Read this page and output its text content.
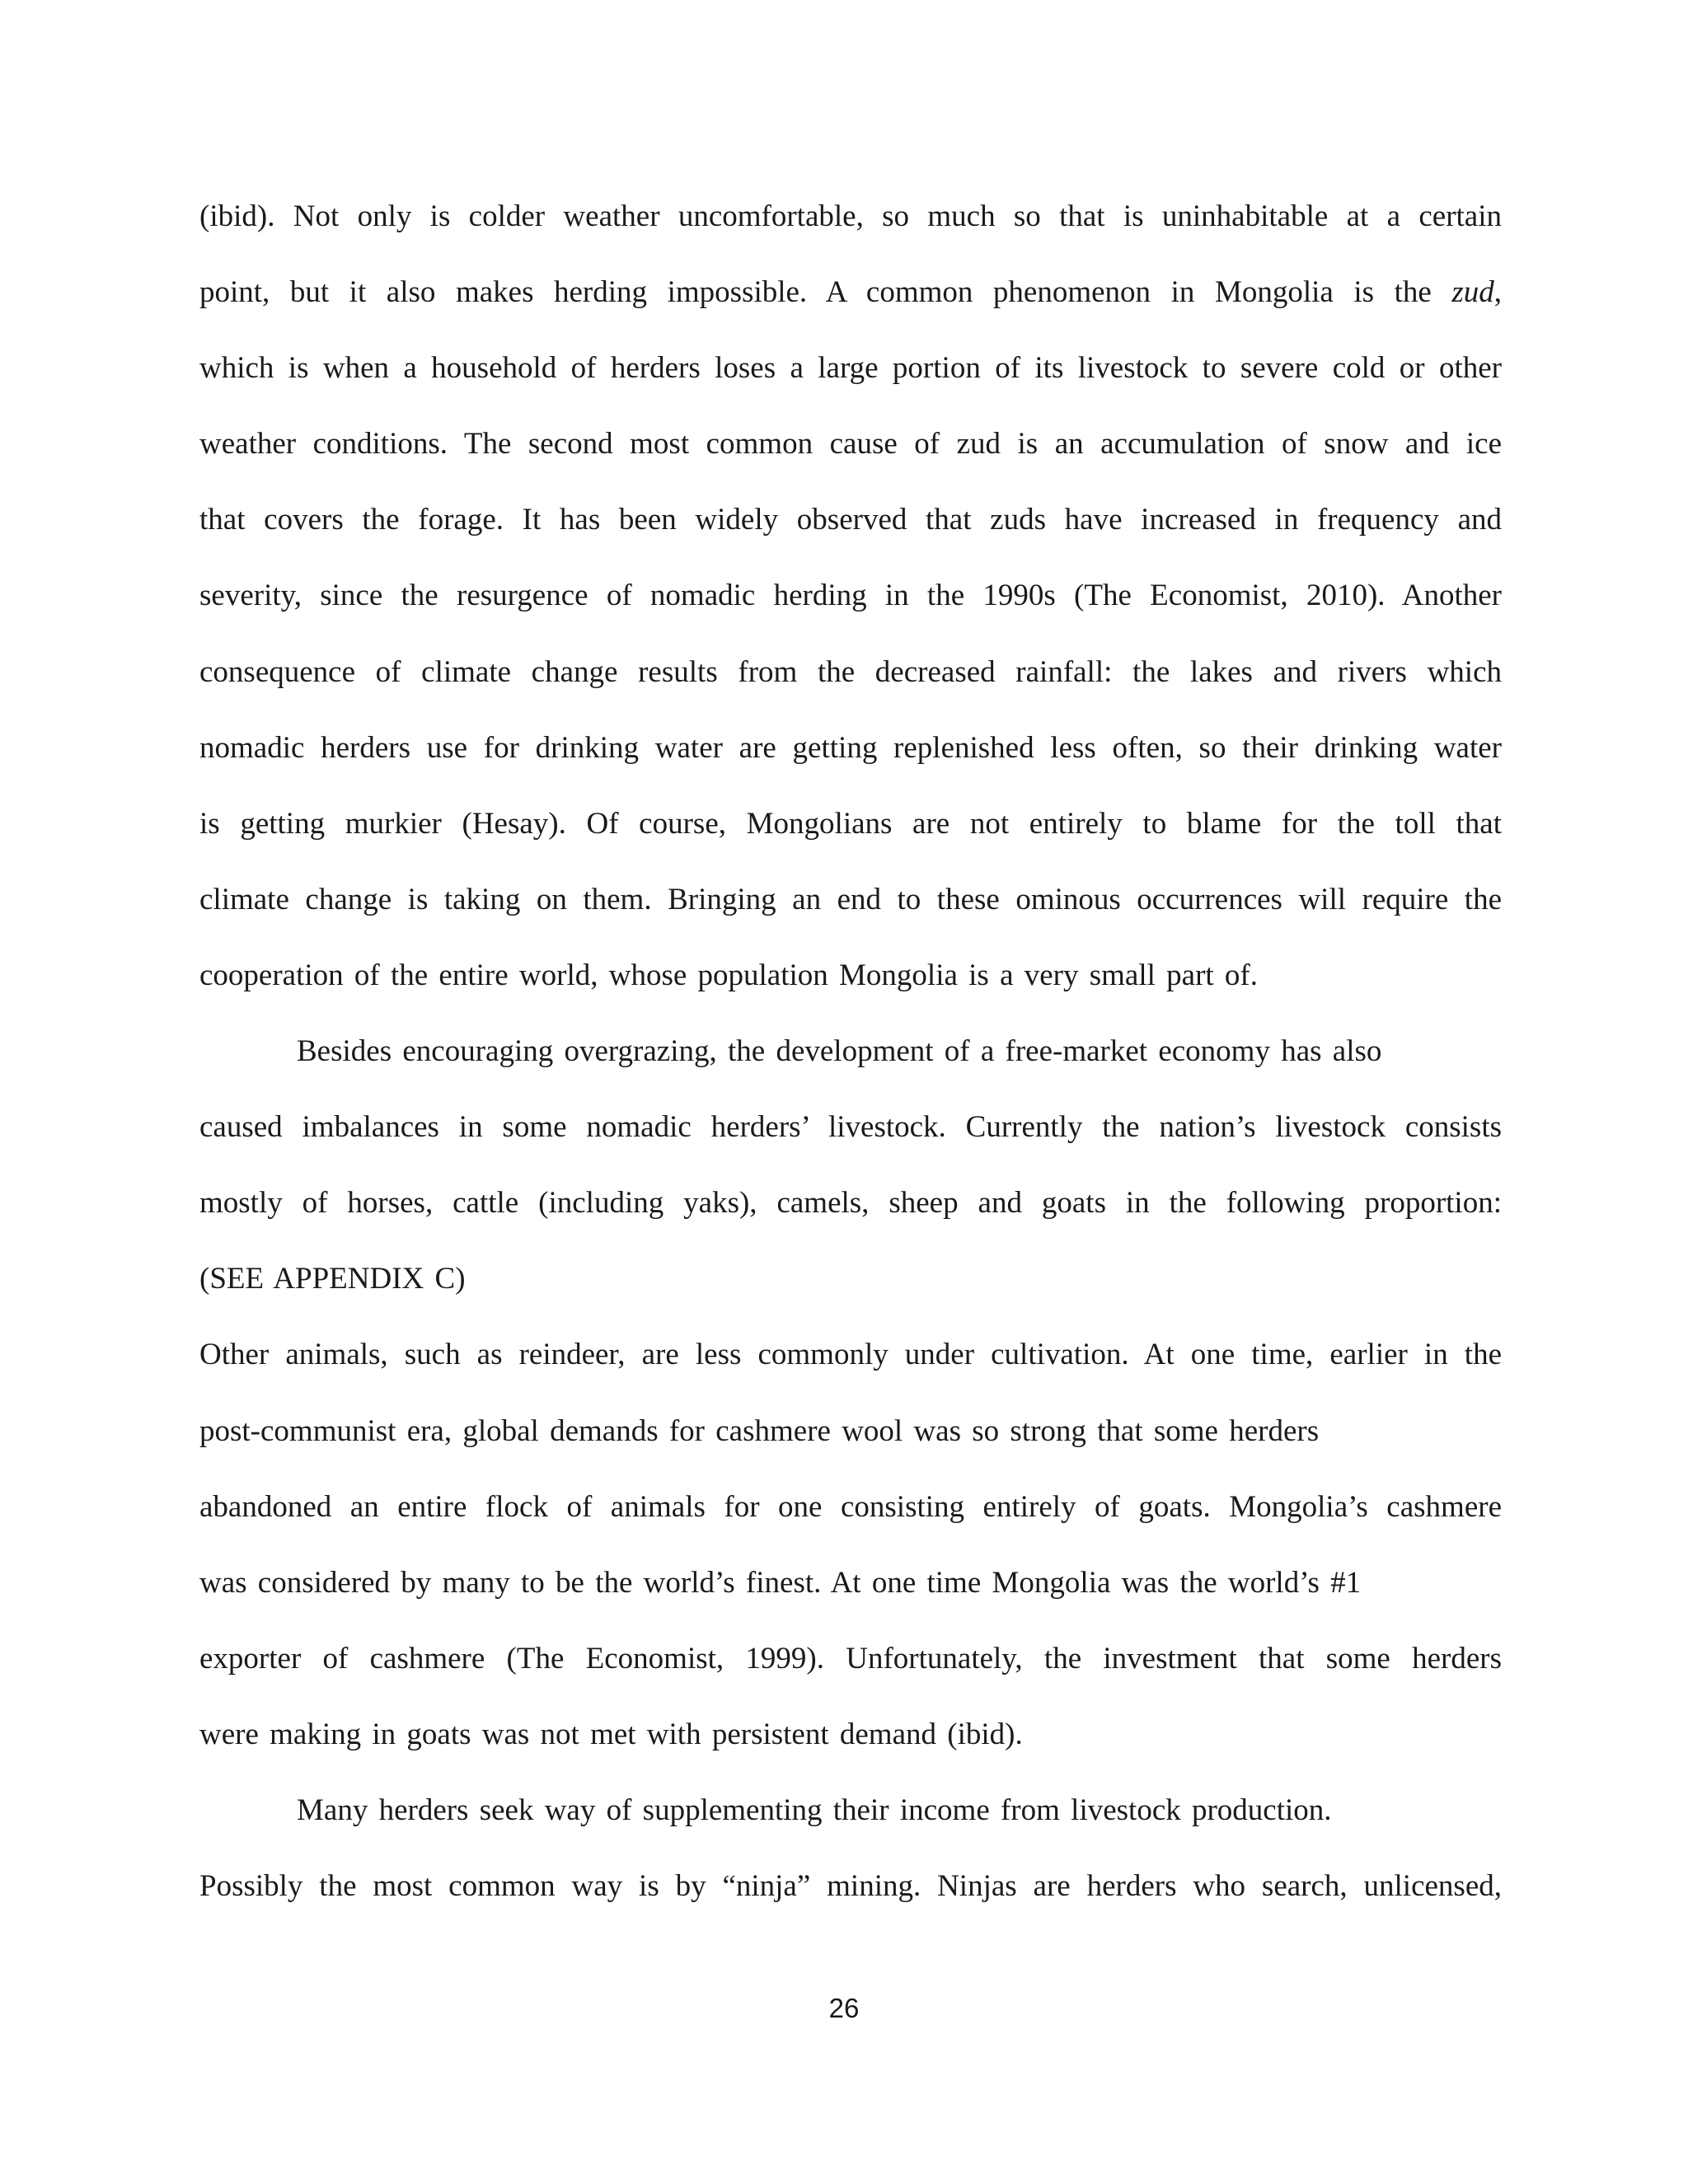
(ibid). Not only is colder weather uncomfortable, so much so that is uninhabitable at a certain
point, but it also makes herding impossible. A common phenomenon in Mongolia is the zud,
which is when a household of herders loses a large portion of its livestock to severe cold or other
weather conditions. The second most common cause of zud is an accumulation of snow and ice
that covers the forage. It has been widely observed that zuds have increased in frequency and
severity, since the resurgence of nomadic herding in the 1990s (The Economist, 2010). Another
consequence of climate change results from the decreased rainfall: the lakes and rivers which
nomadic herders use for drinking water are getting replenished less often, so their drinking water
is getting murkier (Hesay). Of course, Mongolians are not entirely to blame for the toll that
climate change is taking on them. Bringing an end to these ominous occurrences will require the
cooperation of the entire world, whose population Mongolia is a very small part of.
Besides encouraging overgrazing, the development of a free-market economy has also
caused imbalances in some nomadic herders’ livestock. Currently the nation’s livestock consists
mostly of horses, cattle (including yaks), camels, sheep and goats in the following proportion:
(SEE APPENDIX C)
Other animals, such as reindeer, are less commonly under cultivation. At one time, earlier in the
post-communist era, global demands for cashmere wool was so strong that some herders
abandoned an entire flock of animals for one consisting entirely of goats. Mongolia’s cashmere
was considered by many to be the world’s finest. At one time Mongolia was the world’s #1
exporter of cashmere (The Economist, 1999). Unfortunately, the investment that some herders
were making in goats was not met with persistent demand (ibid).
Many herders seek way of supplementing their income from livestock production.
Possibly the most common way is by “ninja” mining. Ninjas are herders who search, unlicensed,
26
